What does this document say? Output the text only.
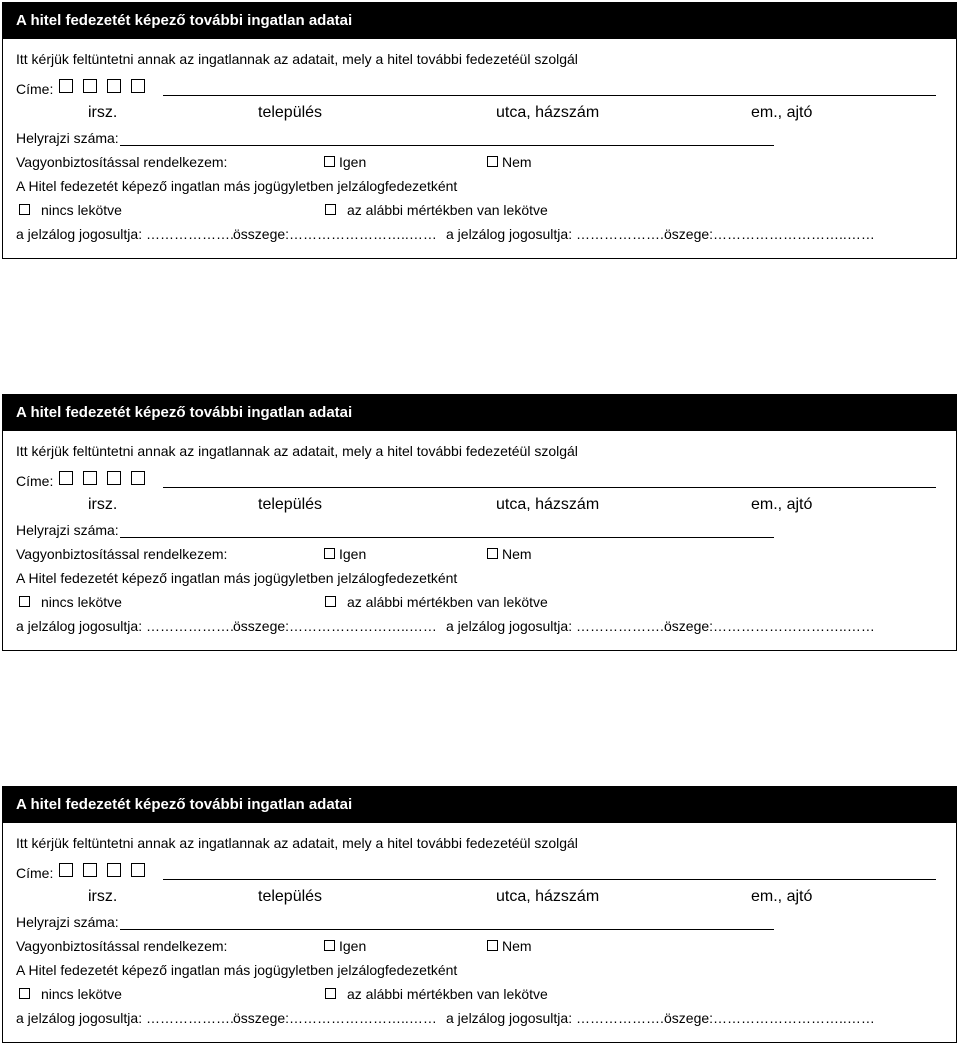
A hitel fedezetét képező további ingatlan adatai
Itt kérjük feltüntetni annak az ingatlannak az adatait, mely a hitel további fedezetéül szolgál
Címe:
irsz.	település	utca, házszám	em., ajtó
Helyrajzi száma:
Vagyonbiztosítással rendelkezem:	Igen	Nem
A Hitel fedezetét képező ingatlan más jogügyletben jelzálogfedezetként
nincs lekötve	az alábbi mértékben van lekötve
a jelzálog jogosultja: ………………. összege:……………………..…… a jelzálog jogosultja: ………………. öszege:………………………..……
A hitel fedezetét képező további ingatlan adatai
Itt kérjük feltüntetni annak az ingatlannak az adatait, mely a hitel további fedezetéül szolgál
Címe:
irsz.	település	utca, házszám	em., ajtó
Helyrajzi száma:
Vagyonbiztosítással rendelkezem:	Igen	Nem
A Hitel fedezetét képező ingatlan más jogügyletben jelzálogfedezetként
nincs lekötve	az alábbi mértékben van lekötve
a jelzálog jogosultja: ………………. összege:……………………..…… a jelzálog jogosultja: ………………. öszege:………………………..……
A hitel fedezetét képező további ingatlan adatai
Itt kérjük feltüntetni annak az ingatlannak az adatait, mely a hitel további fedezetéül szolgál
Címe:
irsz.	település	utca, házszám	em., ajtó
Helyrajzi száma:
Vagyonbiztosítással rendelkezem:	Igen	Nem
A Hitel fedezetét képező ingatlan más jogügyletben jelzálogfedezetként
nincs lekötve	az alábbi mértékben van lekötve
a jelzálog jogosultja: ………………. összege:……………………..…… a jelzálog jogosultja: ………………. öszege:………………………..……
